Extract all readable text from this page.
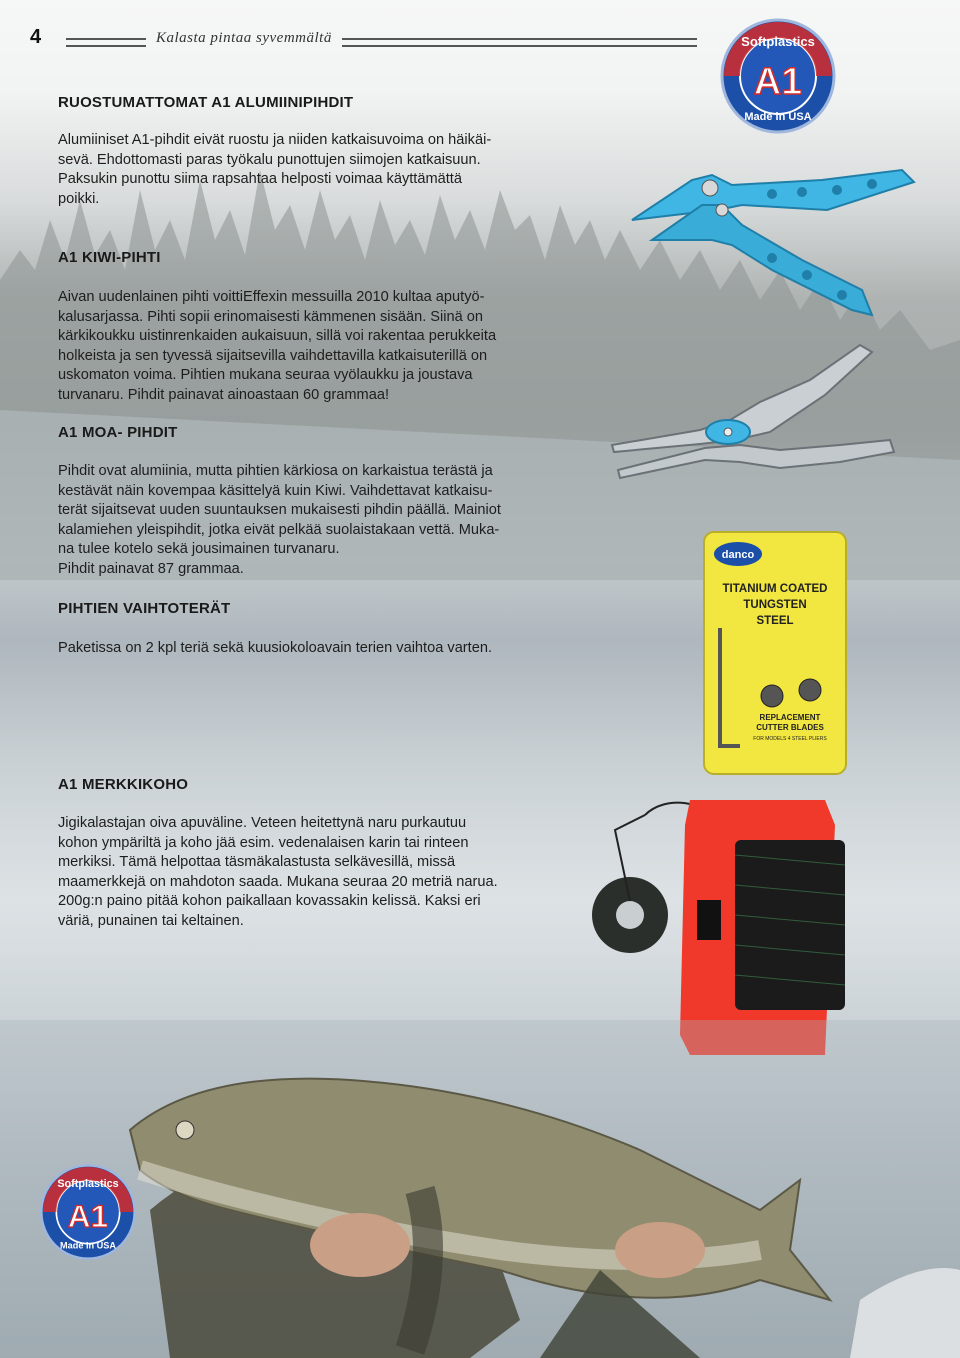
4	Kalasta pintaa syvemmältä
RUOSTUMATTOMAT A1 ALUMIINIPIHDIT

Alumiiniset A1-pihdit eivät ruostu ja niiden katkaisuvoima on häikäi-
sevä. Ehdottomasti paras työkalu punottujen siimojen katkaisuun.
Paksukin punottu siima rapsahtaa helposti voimaa käyttämättä
poikki.

A1 KIWI-PIHTI

Aivan uudenlainen pihti voittiEffexin messuilla 2010 kultaa aputyö-
kalusarjassa. Pihti sopii erinomaisesti kämmenen sisään. Siinä on
kärkikoukku uistinrenkaiden aukaisuun, sillä voi rakentaa perukkeita
holkeista ja sen tyvessä sijaitsevilla vaihdettavilla katkaisuterillä on
uskomaton voima. Pihtien mukana seuraa vyölaukku ja joustava
turvanaru. Pihdit painavat ainoastaan 60 grammaa!

A1 MOA- PIHDIT

Pihdit ovat alumiinia, mutta pihtien kärkiosa on karkaistua terästä ja
kestävät näin kovempaa käsittelyä kuin Kiwi. Vaihdettavat katkaisu-
terät sijaitsevat uuden suuntauksen mukaisesti pihdin päällä. Mainiot
kalamiehen yleispihdit, jotka eivät pelkää suolaistakaan vettä. Muka-
na tulee kotelo sekä jousimainen turvanaru.
Pihdit painavat 87 grammaa.

PIHTIEN VAIHTOTERÄT

Paketissa on 2 kpl teriä sekä kuusiokoloavain terien vaihtoa varten.

A1 MERKKIKOHO

Jigikalastajan oiva apuväline. Veteen heitettynä naru purkautuu
kohon ympäriltä ja koho jää esim. vedenalaisen karin tai rinteen
merkiksi. Tämä helpottaa täsmäkalastusta selkävesillä, missä
maamerkkejä on mahdoton saada. Mukana seuraa 20 metriä narua.
200g:n paino pitää kohon paikallaan kovassakin kelissä. Kaksi eri
väriä, punainen tai keltainen.

Softplastics
A1
Made in USA
danco
TITANIUM COATED
TUNGSTEN
STEEL
REPLACEMENT
CUTTER BLADES
FOR MODELS 4 STEEL PLIERS
Softplastics
A1
Made in USA
